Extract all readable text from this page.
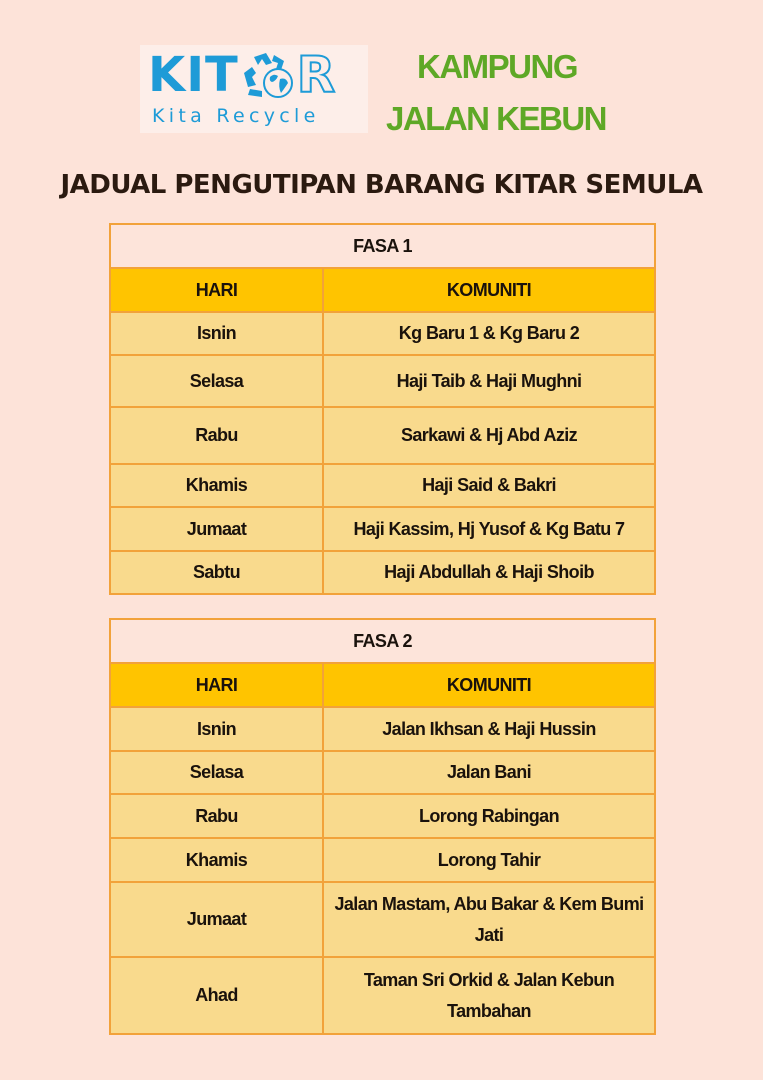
KIT R
Kita Recycle
KAMPUNG
JALAN KEBUN
JADUAL PENGUTIPAN BARANG KITAR SEMULA
FASA 1	
HARI	KOMUNITI
Isnin	Kg Baru 1 & Kg Baru 2
Selasa	Haji Taib & Haji Mughni
Rabu	Sarkawi & Hj Abd Aziz
Khamis	Haji Said & Bakri
Jumaat	Haji Kassim, Hj Yusof & Kg Batu 7
Sabtu	Haji Abdullah & Haji Shoib
FASA 2	
HARI	KOMUNITI
Isnin	Jalan Ikhsan & Haji Hussin
Selasa	Jalan Bani
Rabu	Lorong Rabingan
Khamis	Lorong Tahir
Jumaat	Jalan Mastam, Abu Bakar & Kem Bumi Jati
Ahad	Taman Sri Orkid & Jalan Kebun Tambahan
